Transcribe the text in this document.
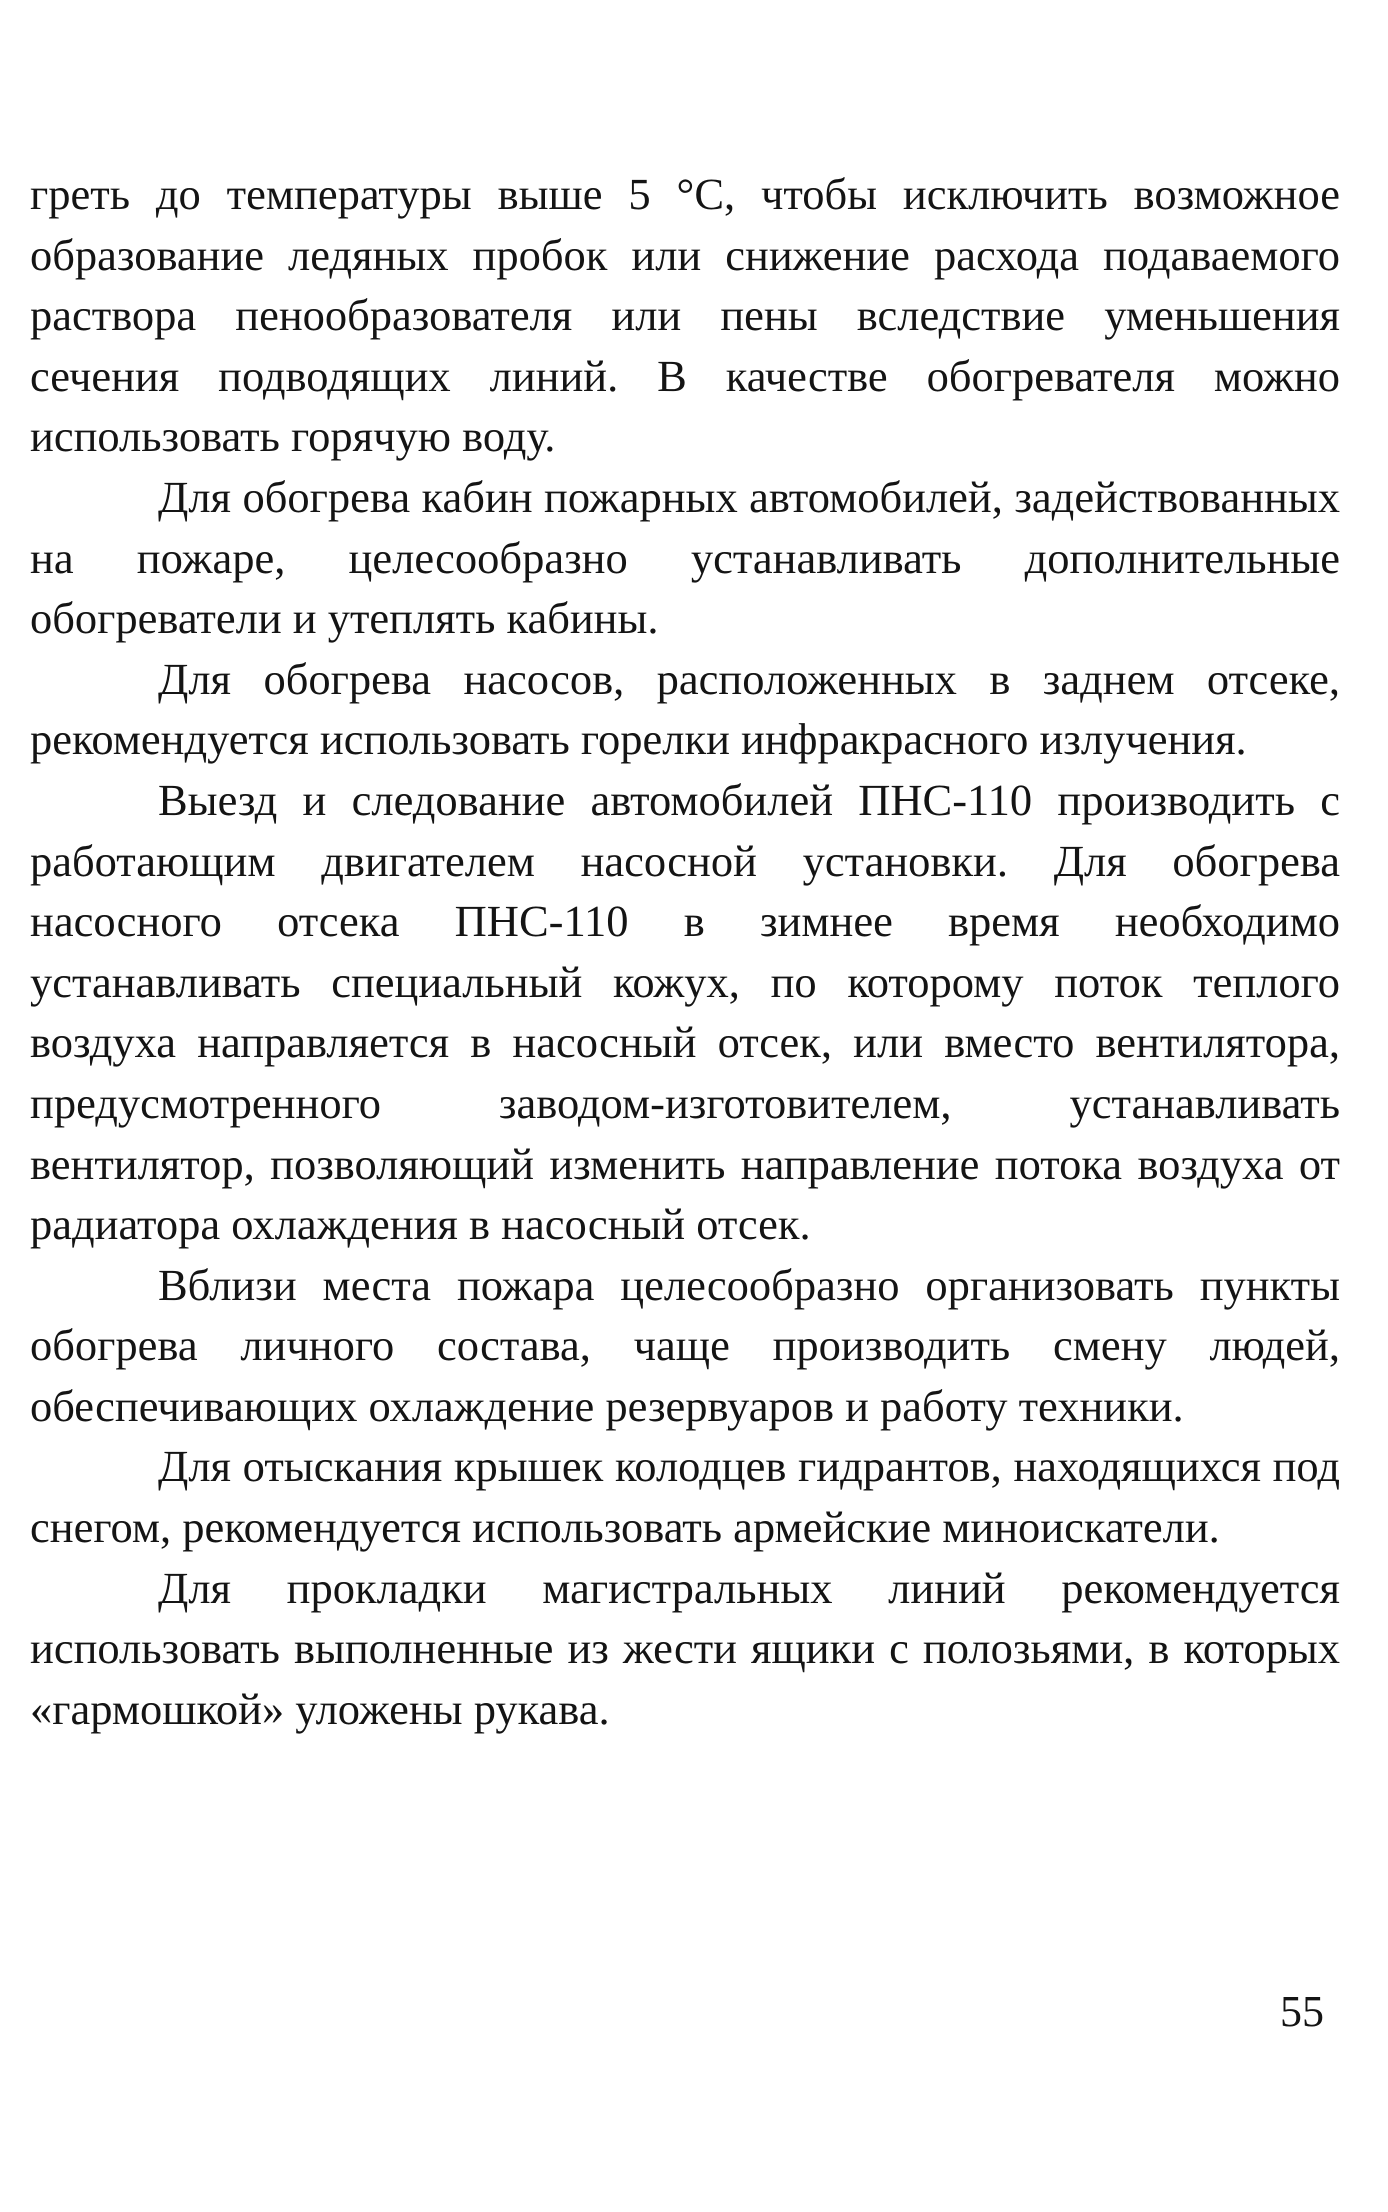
греть до температуры выше 5 °С, чтобы исключить возможное образование ледяных пробок или снижение расхода подаваемого раствора пенообразователя или пены вследствие уменьшения сечения подводящих линий. В качестве обогревателя можно использовать горячую воду.

Для обогрева кабин пожарных автомобилей, задействованных на пожаре, целесообразно устанавливать дополнительные обогреватели и утеплять кабины.

Для обогрева насосов, расположенных в заднем отсеке, рекомендуется использовать горелки инфракрасного излучения.

Выезд и следование автомобилей ПНС-110 производить с работающим двигателем насосной установки. Для обогрева насосного отсека ПНС-110 в зимнее время необходимо устанавливать специальный кожух, по которому поток теплого воздуха направляется в насосный отсек, или вместо вентилятора, предусмотренного заводом-изготовителем, устанавливать вентилятор, позволяющий изменить направление потока воздуха от радиатора охлаждения в насосный отсек.

Вблизи места пожара целесообразно организовать пункты обогрева личного состава, чаще производить смену людей, обеспечивающих охлаждение резервуаров и работу техники.

Для отыскания крышек колодцев гидрантов, находящихся под снегом, рекомендуется использовать армейские миноискатели.

Для прокладки магистральных линий рекомендуется использовать выполненные из жести ящики с полозьями, в которых «гармошкой» уложены рукава.

55
